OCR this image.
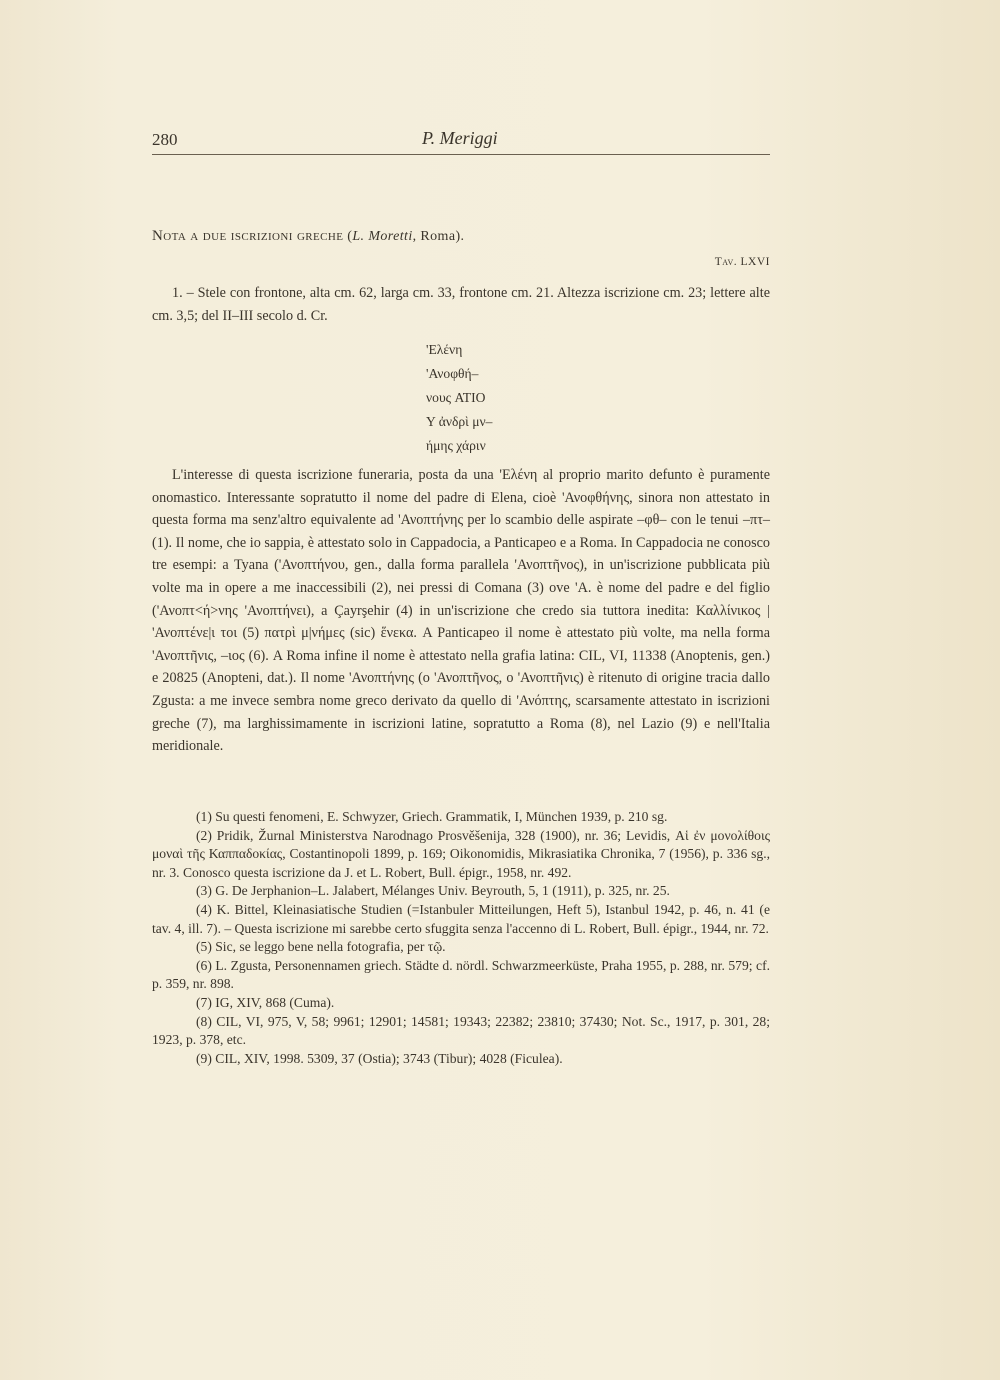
280	P. Meriggi
Nota a due iscrizioni greche (L. Moretti, Roma).
Tav. LXVI

1. – Stele con frontone, alta cm. 62, larga cm. 33, frontone cm. 21. Altezza iscrizione cm. 23; lettere alte cm. 3,5; del II–III secolo d. Cr.

'Ελένη
'Ανοφθή–
νους ATIO
Υ ἀνδρὶ μν–
ήμης χάριν

L'interesse di questa iscrizione funeraria, posta da una 'Ελένη al proprio marito defunto è puramente onomastico. Interessante sopratutto il nome del padre di Elena, cioè 'Ανοφθήνης, sinora non attestato in questa forma ma senz'altro equivalente ad 'Ανοπτήνης per lo scambio delle aspirate –φθ– con le tenui –πτ– (1). Il nome, che io sappia, è attestato solo in Cappadocia, a Panticapeo e a Roma. In Cappadocia ne conosco tre esempi: a Tyana ('Ανοπτήνου, gen., dalla forma parallela 'Ανοπτῆνος), in un'iscrizione pubblicata più volte ma in opere a me inaccessibili (2), nei pressi di Comana (3) ove 'A. è nome del padre e del figlio ('Ανοπτ<ή>νης 'Ανοπτήνει), a Çayrşehir (4) in un'iscrizione che credo sia tuttora inedita: Καλλίνικος | 'Ανοπτένε|ι τοι (5) πατρὶ μ|νήμες (sic) ἕνεκα. A Panticapeo il nome è attestato più volte, ma nella forma 'Ανοπτῆνις, –ιος (6). A Roma infine il nome è attestato nella grafia latina: CIL, VI, 11338 (Anoptenis, gen.) e 20825 (Anopteni, dat.). Il nome 'Ανοπτήνης (o 'Ανοπτῆνος, o 'Ανοπτῆνις) è ritenuto di origine tracia dallo Zgusta: a me invece sembra nome greco derivato da quello di 'Ανόπτης, scarsamente attestato in iscrizioni greche (7), ma larghissimamente in iscrizioni latine, sopratutto a Roma (8), nel Lazio (9) e nell'Italia meridionale.

(1) Su questi fenomeni, E. Schwyzer, Griech. Grammatik, I, München 1939, p. 210 sg.

(2) Pridik, Žurnal Ministerstva Narodnago Prosvěšenija, 328 (1900), nr. 36; Levidis, Αἱ ἐν μονολίθοις μοναὶ τῆς Καππαδοκίας, Costantinopoli 1899, p. 169; Oikonomidis, Mikrasiatika Chronika, 7 (1956), p. 336 sg., nr. 3. Conosco questa iscrizione da J. et L. Robert, Bull. épigr., 1958, nr. 492.

(3) G. De Jerphanion–L. Jalabert, Mélanges Univ. Beyrouth, 5, 1 (1911), p. 325, nr. 25.

(4) K. Bittel, Kleinasiatische Studien (=Istanbuler Mitteilungen, Heft 5), Istanbul 1942, p. 46, n. 41 (e tav. 4, ill. 7). – Questa iscrizione mi sarebbe certo sfuggita senza l'accenno di L. Robert, Bull. épigr., 1944, nr. 72.

(5) Sic, se leggo bene nella fotografia, per τῷ.

(6) L. Zgusta, Personennamen griech. Städte d. nördl. Schwarzmeerküste, Praha 1955, p. 288, nr. 579; cf. p. 359, nr. 898.

(7) IG, XIV, 868 (Cuma).

(8) CIL, VI, 975, V, 58; 9961; 12901; 14581; 19343; 22382; 23810; 37430; Not. Sc., 1917, p. 301, 28; 1923, p. 378, etc.

(9) CIL, XIV, 1998. 5309, 37 (Ostia); 3743 (Tibur); 4028 (Ficulea).
